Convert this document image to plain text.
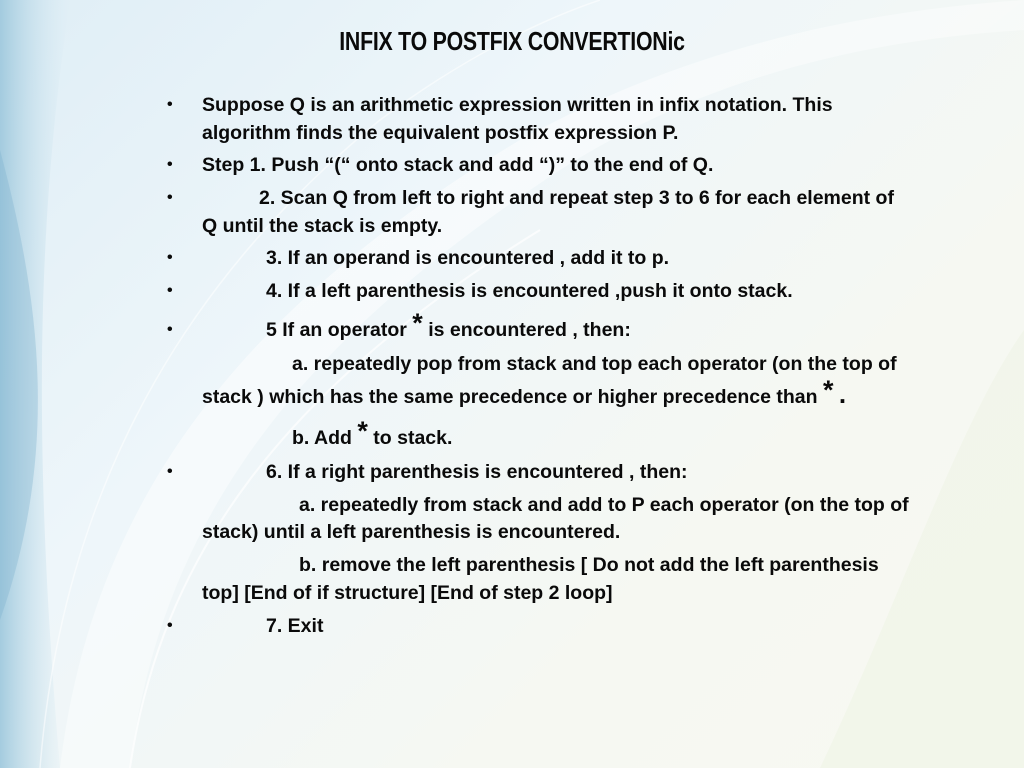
INFIX TO POSTFIX CONVERTIONic
• Suppose Q is an arithmetic expression written in infix notation. This
algorithm finds the equivalent postfix expression P.
• Step 1. Push “(“ onto stack and add “)” to the end of Q.
•	2. Scan Q from left to right and repeat step 3 to 6 for each element of
Q until the stack is empty.
•	3. If an operand is encountered , add it to p.
•	4. If a left parenthesis is encountered ,push it onto stack.
•	5 If an operator * is encountered , then:
a. repeatedly pop from stack and top each operator (on the top of
stack ) which has the same precedence or higher precedence than * .
b. Add * to stack.
•	6. If a right parenthesis is encountered , then:
a. repeatedly from stack and add to P each operator (on the top of
stack) until a left parenthesis is encountered.
b. remove the left parenthesis [ Do not add the left parenthesis
top] [End of if structure] [End of step 2 loop]
•	7. Exit
